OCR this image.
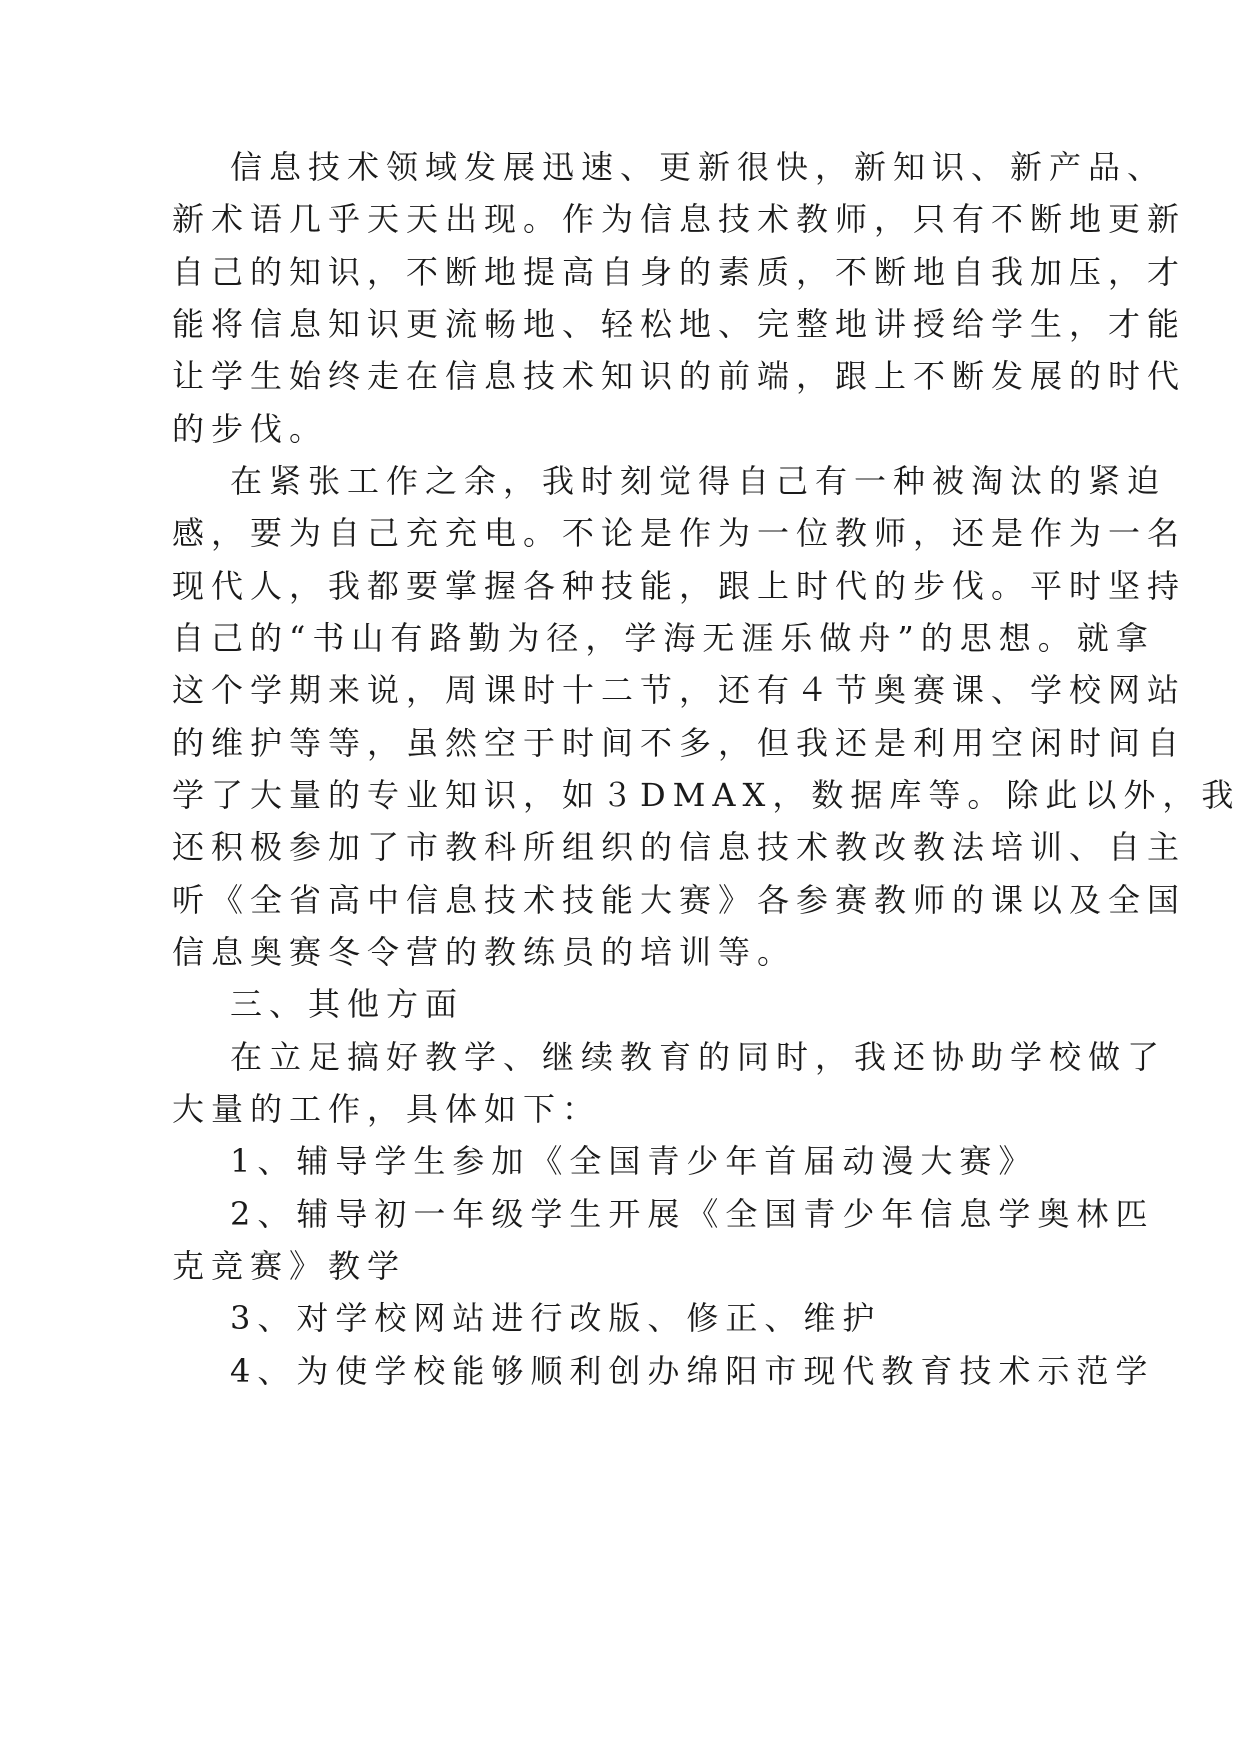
信息技术领域发展迅速、更新很快，新知识、新产品、
新术语几乎天天出现。作为信息技术教师，只有不断地更新
自己的知识，不断地提高自身的素质，不断地自我加压，才
能将信息知识更流畅地、轻松地、完整地讲授给学生，才能
让学生始终走在信息技术知识的前端，跟上不断发展的时代
的步伐。
在紧张工作之余，我时刻觉得自己有一种被淘汰的紧迫
感，要为自己充充电。不论是作为一位教师，还是作为一名
现代人，我都要掌握各种技能，跟上时代的步伐。平时坚持
自己的“书山有路勤为径，学海无涯乐做舟”的思想。就拿
这个学期来说，周课时十二节，还有４节奥赛课、学校网站
的维护等等，虽然空于时间不多，但我还是利用空闲时间自
学了大量的专业知识，如３DMAX，数据库等。除此以外，我
还积极参加了市教科所组织的信息技术教改教法培训、自主
听《全省高中信息技术技能大赛》各参赛教师的课以及全国
信息奥赛冬令营的教练员的培训等。
三、其他方面
在立足搞好教学、继续教育的同时，我还协助学校做了
大量的工作，具体如下：
1、辅导学生参加《全国青少年首届动漫大赛》
2、辅导初一年级学生开展《全国青少年信息学奥林匹
克竞赛》教学
3、对学校网站进行改版、修正、维护
4、为使学校能够顺利创办绵阳市现代教育技术示范学
